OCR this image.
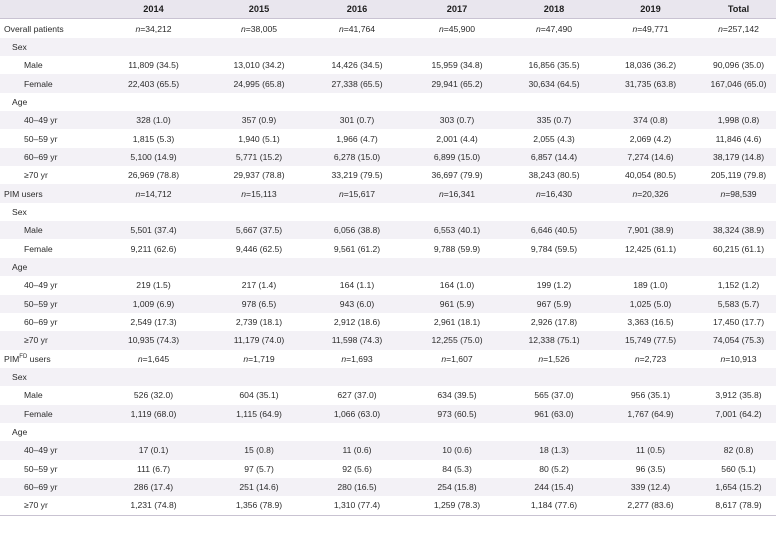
	2014	2015	2016	2017	2018	2019	Total
Overall patients	n=34,212	n=38,005	n=41,764	n=45,900	n=47,490	n=49,771	n=257,142
Sex							
Male	11,809 (34.5)	13,010 (34.2)	14,426 (34.5)	15,959 (34.8)	16,856 (35.5)	18,036 (36.2)	90,096 (35.0)
Female	22,403 (65.5)	24,995 (65.8)	27,338 (65.5)	29,941 (65.2)	30,634 (64.5)	31,735 (63.8)	167,046 (65.0)
Age							
40–49 yr	328 (1.0)	357 (0.9)	301 (0.7)	303 (0.7)	335 (0.7)	374 (0.8)	1,998 (0.8)
50–59 yr	1,815 (5.3)	1,940 (5.1)	1,966 (4.7)	2,001 (4.4)	2,055 (4.3)	2,069 (4.2)	11,846 (4.6)
60–69 yr	5,100 (14.9)	5,771 (15.2)	6,278 (15.0)	6,899 (15.0)	6,857 (14.4)	7,274 (14.6)	38,179 (14.8)
≥70 yr	26,969 (78.8)	29,937 (78.8)	33,219 (79.5)	36,697 (79.9)	38,243 (80.5)	40,054 (80.5)	205,119 (79.8)
PIM users	n=14,712	n=15,113	n=15,617	n=16,341	n=16,430	n=20,326	n=98,539
Sex							
Male	5,501 (37.4)	5,667 (37.5)	6,056 (38.8)	6,553 (40.1)	6,646 (40.5)	7,901 (38.9)	38,324 (38.9)
Female	9,211 (62.6)	9,446 (62.5)	9,561 (61.2)	9,788 (59.9)	9,784 (59.5)	12,425 (61.1)	60,215 (61.1)
Age							
40–49 yr	219 (1.5)	217 (1.4)	164 (1.1)	164 (1.0)	199 (1.2)	189 (1.0)	1,152 (1.2)
50–59 yr	1,009 (6.9)	978 (6.5)	943 (6.0)	961 (5.9)	967 (5.9)	1,025 (5.0)	5,583 (5.7)
60–69 yr	2,549 (17.3)	2,739 (18.1)	2,912 (18.6)	2,961 (18.1)	2,926 (17.8)	3,363 (16.5)	17,450 (17.7)
≥70 yr	10,935 (74.3)	11,179 (74.0)	11,598 (74.3)	12,255 (75.0)	12,338 (75.1)	15,749 (77.5)	74,054 (75.3)
$PIM^{FD}$ users	n=1,645	n=1,719	n=1,693	n=1,607	n=1,526	n=2,723	n=10,913
Sex							
Male	526 (32.0)	604 (35.1)	627 (37.0)	634 (39.5)	565 (37.0)	956 (35.1)	3,912 (35.8)
Female	1,119 (68.0)	1,115 (64.9)	1,066 (63.0)	973 (60.5)	961 (63.0)	1,767 (64.9)	7,001 (64.2)
Age							
40–49 yr	17 (0.1)	15 (0.8)	11 (0.6)	10 (0.6)	18 (1.3)	11 (0.5)	82 (0.8)
50–59 yr	111 (6.7)	97 (5.7)	92 (5.6)	84 (5.3)	80 (5.2)	96 (3.5)	560 (5.1)
60–69 yr	286 (17.4)	251 (14.6)	280 (16.5)	254 (15.8)	244 (15.4)	339 (12.4)	1,654 (15.2)
≥70 yr	1,231 (74.8)	1,356 (78.9)	1,310 (77.4)	1,259 (78.3)	1,184 (77.6)	2,277 (83.6)	8,617 (78.9)
